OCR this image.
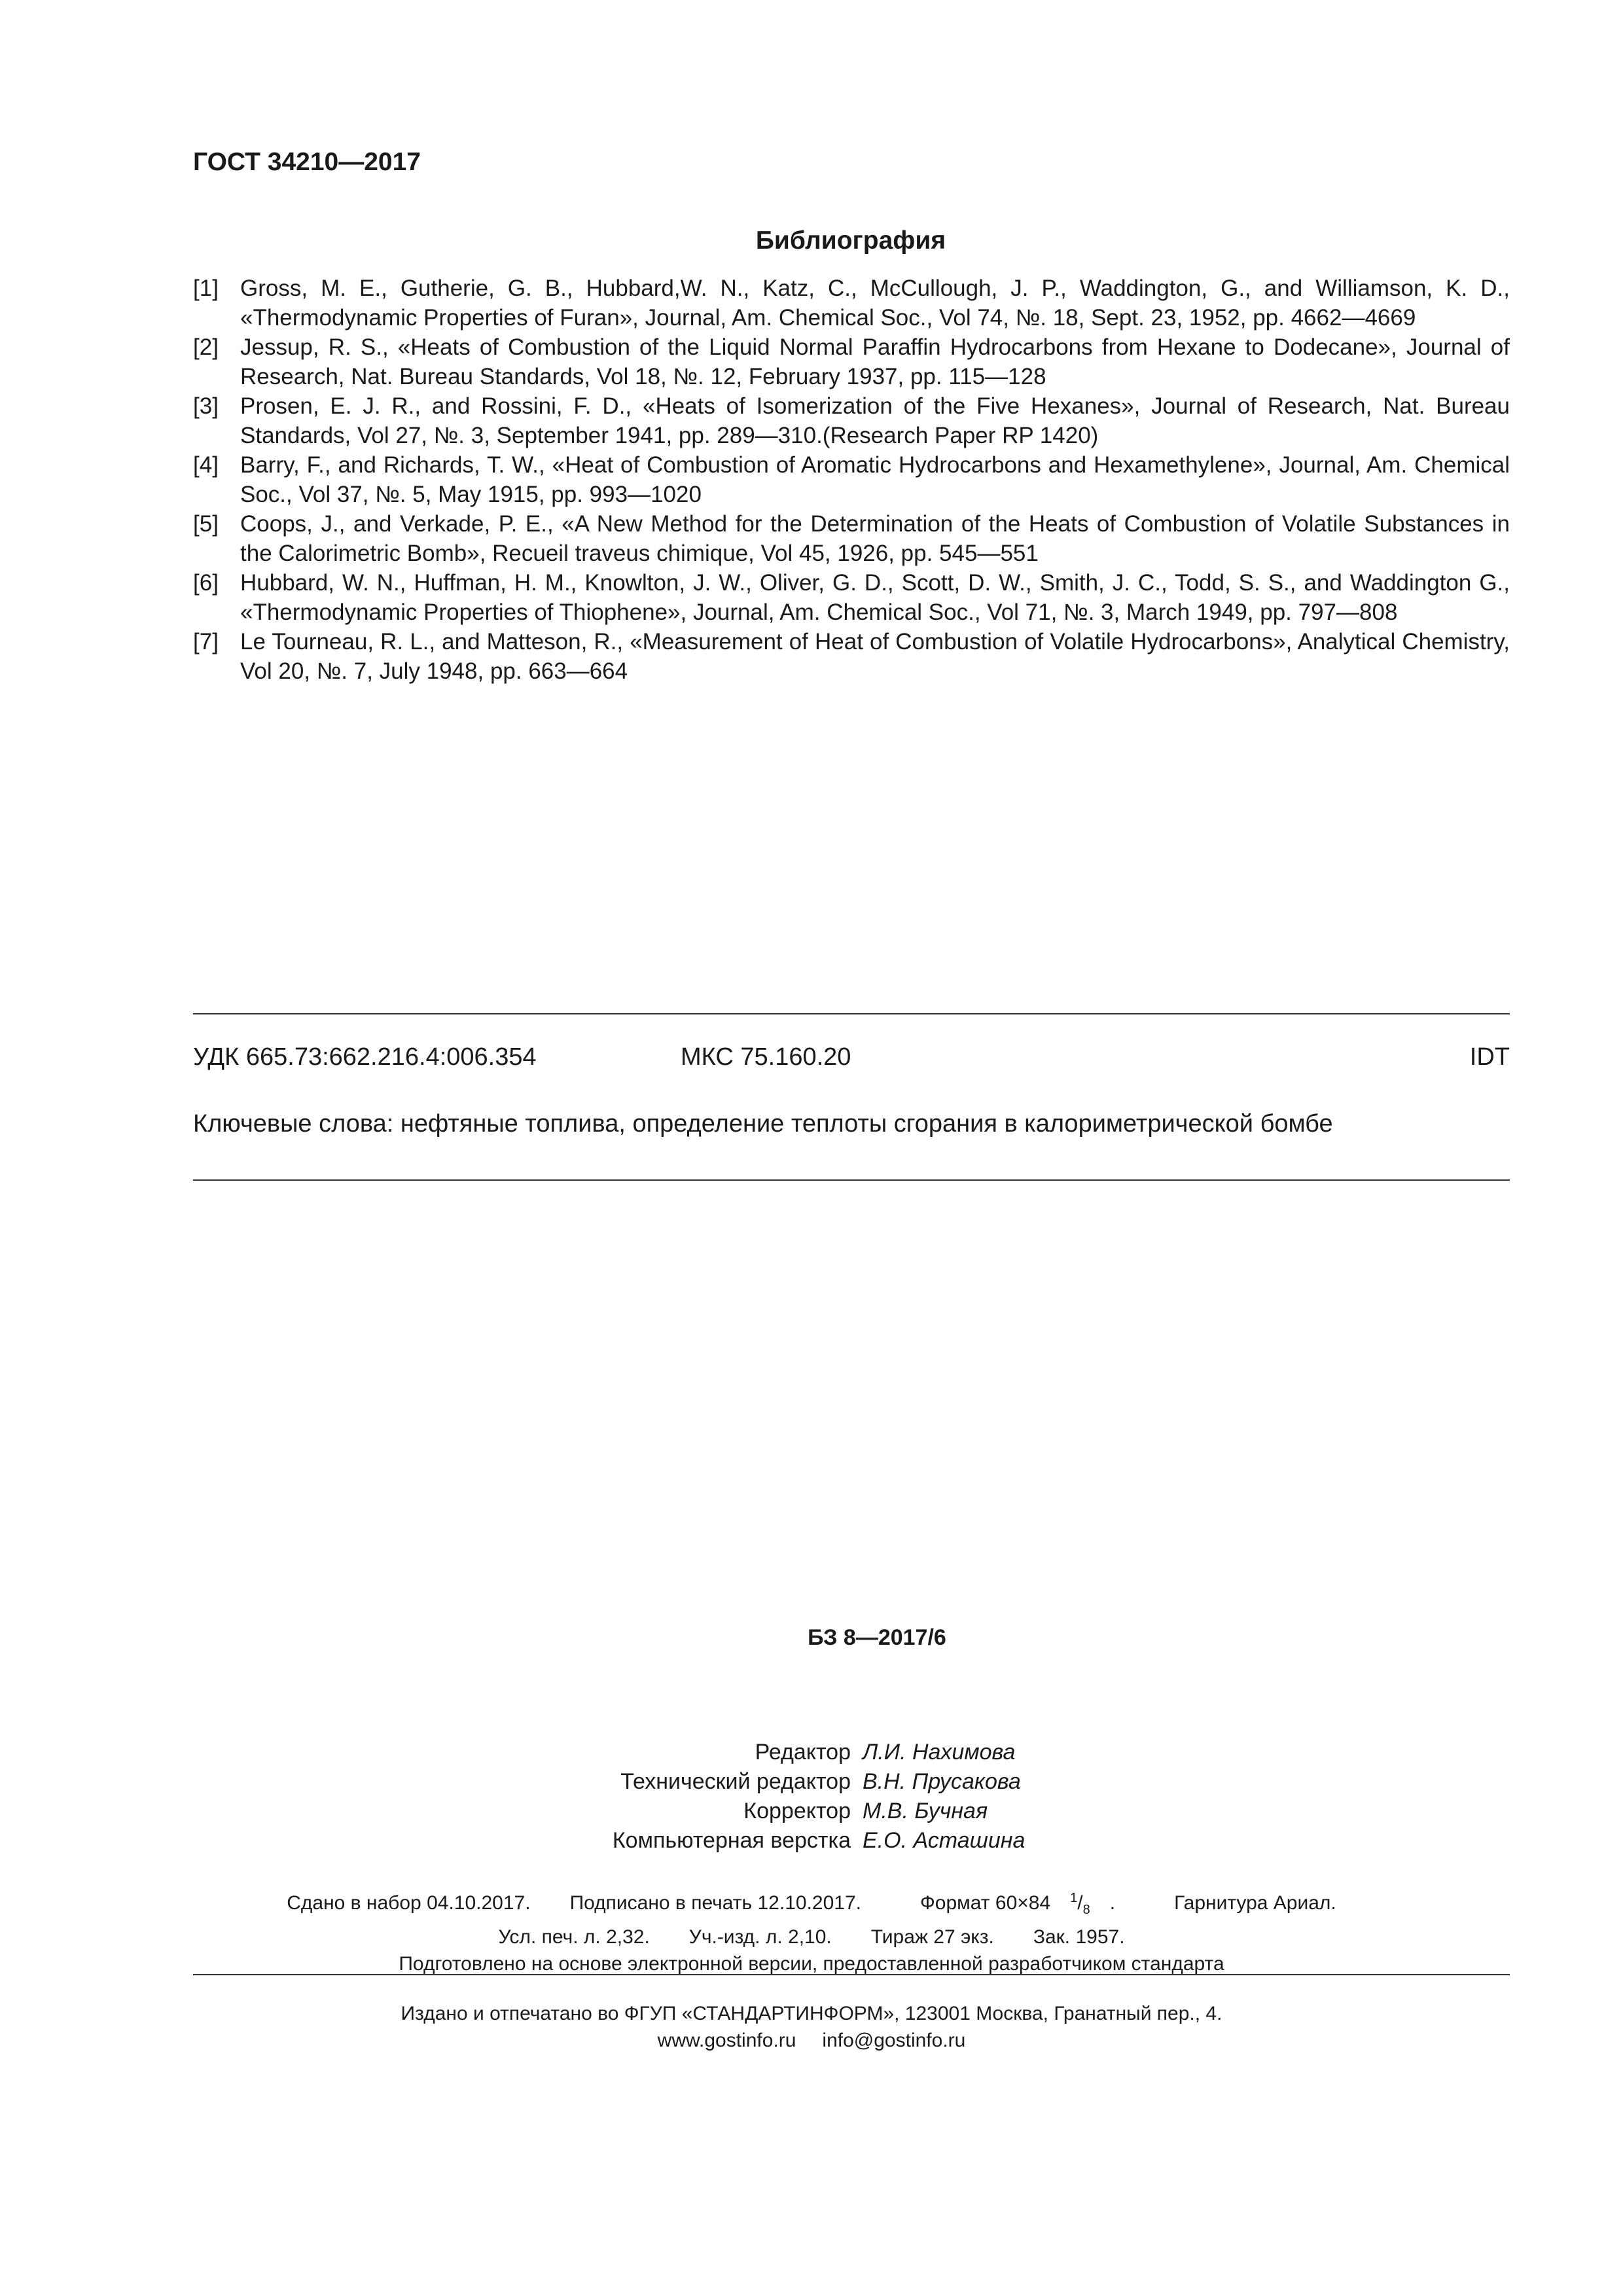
ГОСТ 34210—2017
Библиография
[1] Gross, M. E., Gutherie, G. B., Hubbard,W. N., Katz, C., McCullough, J. P., Waddington, G., and Williamson, K. D., «Thermodynamic Properties of Furan», Journal, Am. Chemical Soc., Vol 74, №. 18, Sept. 23, 1952, pp. 4662—4669
[2] Jessup, R. S., «Heats of Combustion of the Liquid Normal Paraffin Hydrocarbons from Hexane to Dodecane», Journal of Research, Nat. Bureau Standards, Vol 18, №. 12, February 1937, pp. 115—128
[3] Prosen, E. J. R., and Rossini, F. D., «Heats of Isomerization of the Five Hexanes», Journal of Research, Nat. Bureau Standards, Vol 27, №. 3, September 1941, pp. 289—310.(Research Paper RP 1420)
[4] Barry, F., and Richards, T. W., «Heat of Combustion of Aromatic Hydrocarbons and Hexamethylene», Journal, Am. Chemical Soc., Vol 37, №. 5, May 1915, pp. 993—1020
[5] Coops, J., and Verkade, P. E., «A New Method for the Determination of the Heats of Combustion of Volatile Substances in the Calorimetric Bomb», Recueil traveus chimique, Vol 45, 1926, pp. 545—551
[6] Hubbard, W. N., Huffman, H. M., Knowlton, J. W., Oliver, G. D., Scott, D. W., Smith, J. C., Todd, S. S., and Waddington G., «Thermodynamic Properties of Thiophene», Journal, Am. Chemical Soc., Vol 71, №. 3, March 1949, pp. 797—808
[7] Le Tourneau, R. L., and Matteson, R., «Measurement of Heat of Combustion of Volatile Hydrocarbons», Analytical Chemistry, Vol 20, №. 7, July 1948, pp. 663—664
УДК 665.73:662.216.4:006.354	МКС 75.160.20	IDT
Ключевые слова: нефтяные топлива, определение теплоты сгорания в калориметрической бомбе
БЗ 8—2017/6
Редактор Л.И. Нахимова
Технический редактор В.Н. Прусакова
Корректор М.В. Бучная
Компьютерная верстка Е.О. Асташина
Сдано в набор 04.10.2017. Подписано в печать 12.10.2017.	Формат 60×84 $^1/_8$ .	Гарнитура Ариал.
Усл. печ. л. 2,32. Уч.-изд. л. 2,10. Тираж 27 экз. Зак. 1957.
Подготовлено на основе электронной версии, предоставленной разработчиком стандарта
Издано и отпечатано во ФГУП «СТАНДАРТИНФОРМ», 123001 Москва, Гранатный пер., 4.
www.gostinfo.ru info@gostinfo.ru
